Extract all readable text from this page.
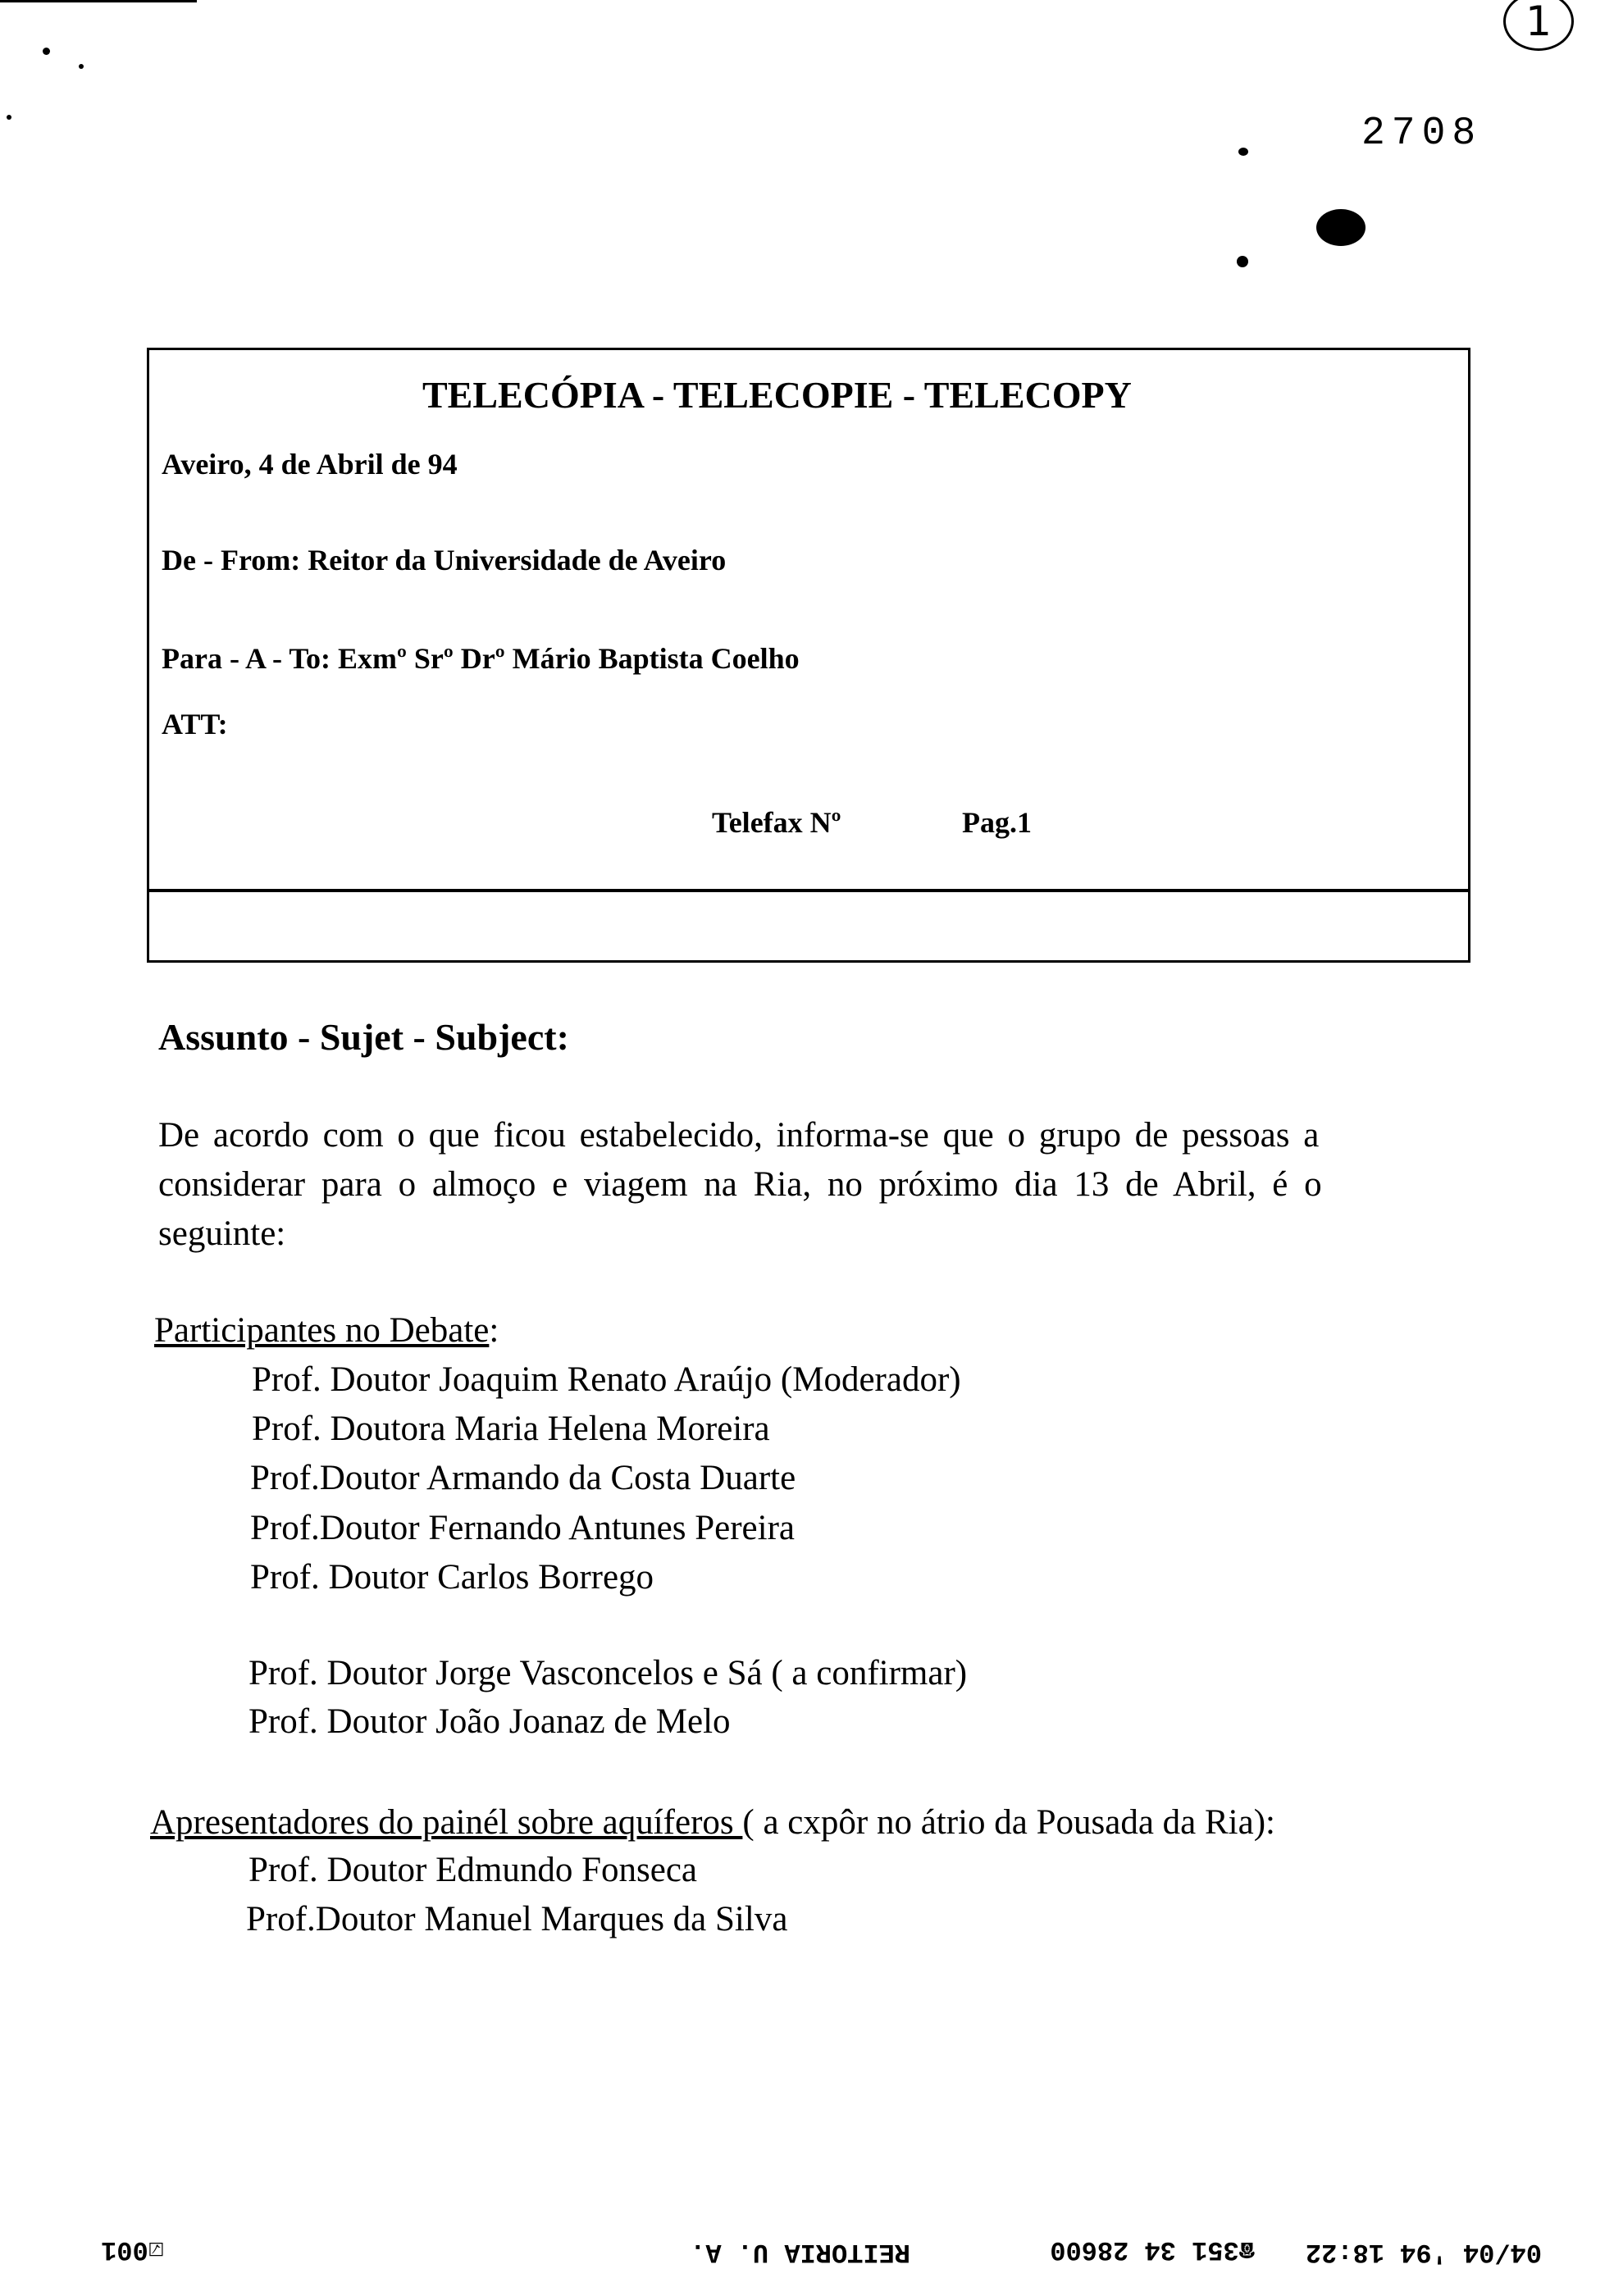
1
2708
TELECÓPIA - TELECOPIE - TELECOPY
Aveiro, 4 de Abril de 94
De - From: Reitor da Universidade de Aveiro
Para - A - To: Exmº Srº Drº Mário Baptista Coelho
ATT:
Telefax Nº	Pag.1
Assunto - Sujet - Subject:
De acordo com o que ficou estabelecido, informa-se que o grupo de pessoas a
considerar para o almoço e viagem na Ria, no próximo dia 13 de Abril, é o
seguinte:
Participantes no Debate:
Prof. Doutor Joaquim Renato Araújo (Moderador)
Prof. Doutora Maria Helena Moreira
Prof.Doutor Armando da Costa Duarte
Prof.Doutor Fernando Antunes Pereira
Prof. Doutor Carlos Borrego
Prof. Doutor Jorge Vasconcelos e Sá ( a confirmar)
Prof. Doutor João Joanaz de Melo
Apresentadores do painél sobre aquíferos ( a cxpôr no átrio da Pousada da Ria):
Prof. Doutor Edmundo Fonseca
Prof.Doutor Manuel Marques da Silva
04/04 '94 18:22
☎351 34 28600
REITORIA U. A.
☑001
